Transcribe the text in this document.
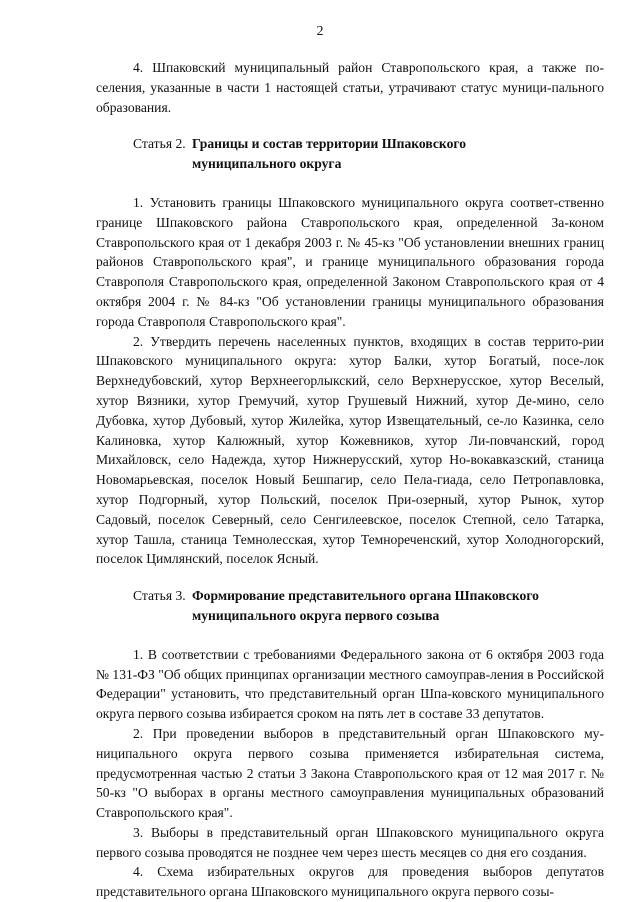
2

4. Шпаковский муниципальный район Ставропольского края, а также по-селения, указанные в части 1 настоящей статьи, утрачивают статус муници-пального образования.

Статья 2. Границы и состав территории Шпаковского муниципального округа

1. Установить границы Шпаковского муниципального округа соответ-ственно границе Шпаковского района Ставропольского края, определенной За-коном Ставропольского края от 1 декабря 2003 г. № 45-кз "Об установлении внешних границ районов Ставропольского края", и границе муниципального образования города Ставрополя Ставропольского края, определенной Законом Ставропольского края от 4 октября 2004 г. № 84-кз "Об установлении границы муниципального образования города Ставрополя Ставропольского края".

2. Утвердить перечень населенных пунктов, входящих в состав террито-рии Шпаковского муниципального округа: хутор Балки, хутор Богатый, посе-лок Верхнедубовский, хутор Верхнеегорлыкский, село Верхнерусское, хутор Веселый, хутор Вязники, хутор Гремучий, хутор Грушевый Нижний, хутор Де-мино, село Дубовка, хутор Дубовый, хутор Жилейка, хутор Извещательный, се-ло Казинка, село Калиновка, хутор Калюжный, хутор Кожевников, хутор Ли-повчанский, город Михайловск, село Надежда, хутор Нижнерусский, хутор Но-вокавказский, станица Новомарьевская, поселок Новый Бешпагир, село Пела-гиада, село Петропавловка, хутор Подгорный, хутор Польский, поселок При-озерный, хутор Рынок, хутор Садовый, поселок Северный, село Сенгилеевское, поселок Степной, село Татарка, хутор Ташла, станица Темнолесская, хутор Темнореченский, хутор Холодногорский, поселок Цимлянский, поселок Ясный.

Статья 3. Формирование представительного органа Шпаковского муниципального округа первого созыва

1. В соответствии с требованиями Федерального закона от 6 октября 2003 года № 131-ФЗ "Об общих принципах организации местного самоуправ-ления в Российской Федерации" установить, что представительный орган Шпа-ковского муниципального округа первого созыва избирается сроком на пять лет в составе 33 депутатов.

2. При проведении выборов в представительный орган Шпаковского му-ниципального округа первого созыва применяется избирательная система, предусмотренная частью 2 статьи 3 Закона Ставропольского края от 12 мая 2017 г. № 50-кз "О выборах в органы местного самоуправления муниципальных образований Ставропольского края".

3. Выборы в представительный орган Шпаковского муниципального округа первого созыва проводятся не позднее чем через шесть месяцев со дня его создания.

4. Схема избирательных округов для проведения выборов депутатов представительного органа Шпаковского муниципального округа первого созы-
